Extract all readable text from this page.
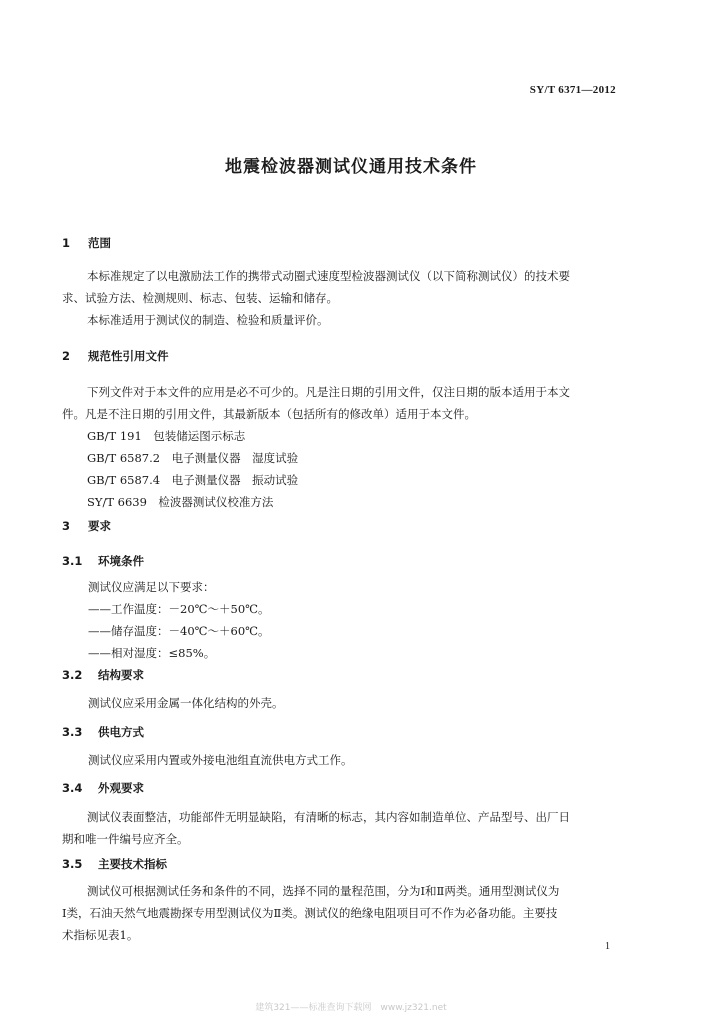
SY/T 6371—2012
地震检波器测试仪通用技术条件
1 范围
本标准规定了以电激励法工作的携带式动圈式速度型检波器测试仪（以下简称测试仪）的技术要
求、试验方法、检测规则、标志、包装、运输和储存。
本标准适用于测试仪的制造、检验和质量评价。
2 规范性引用文件
下列文件对于本文件的应用是必不可少的。凡是注日期的引用文件，仅注日期的版本适用于本文
件。凡是不注日期的引用文件，其最新版本（包括所有的修改单）适用于本文件。
GB/T 191　包装储运图示标志
GB/T 6587.2　电子测量仪器　湿度试验
GB/T 6587.4　电子测量仪器　振动试验
SY/T 6639　检波器测试仪校准方法
3 要求
3.1 环境条件
测试仪应满足以下要求：
——工作温度：－20℃～＋50℃。
——储存温度：－40℃～＋60℃。
——相对湿度：≤85%。
3.2 结构要求
测试仪应采用金属一体化结构的外壳。
3.3 供电方式
测试仪应采用内置或外接电池组直流供电方式工作。
3.4 外观要求
测试仪表面整洁，功能部件无明显缺陷，有清晰的标志，其内容如制造单位、产品型号、出厂日
期和唯一件编号应齐全。
3.5 主要技术指标
测试仪可根据测试任务和条件的不同，选择不同的量程范围，分为Ⅰ和Ⅱ两类。通用型测试仪为
Ⅰ类，石油天然气地震勘探专用型测试仪为Ⅱ类。测试仪的绝缘电阻项目可不作为必备功能。主要技
术指标见表1。
1
建筑321——标准查询下载网　www.jz321.net
